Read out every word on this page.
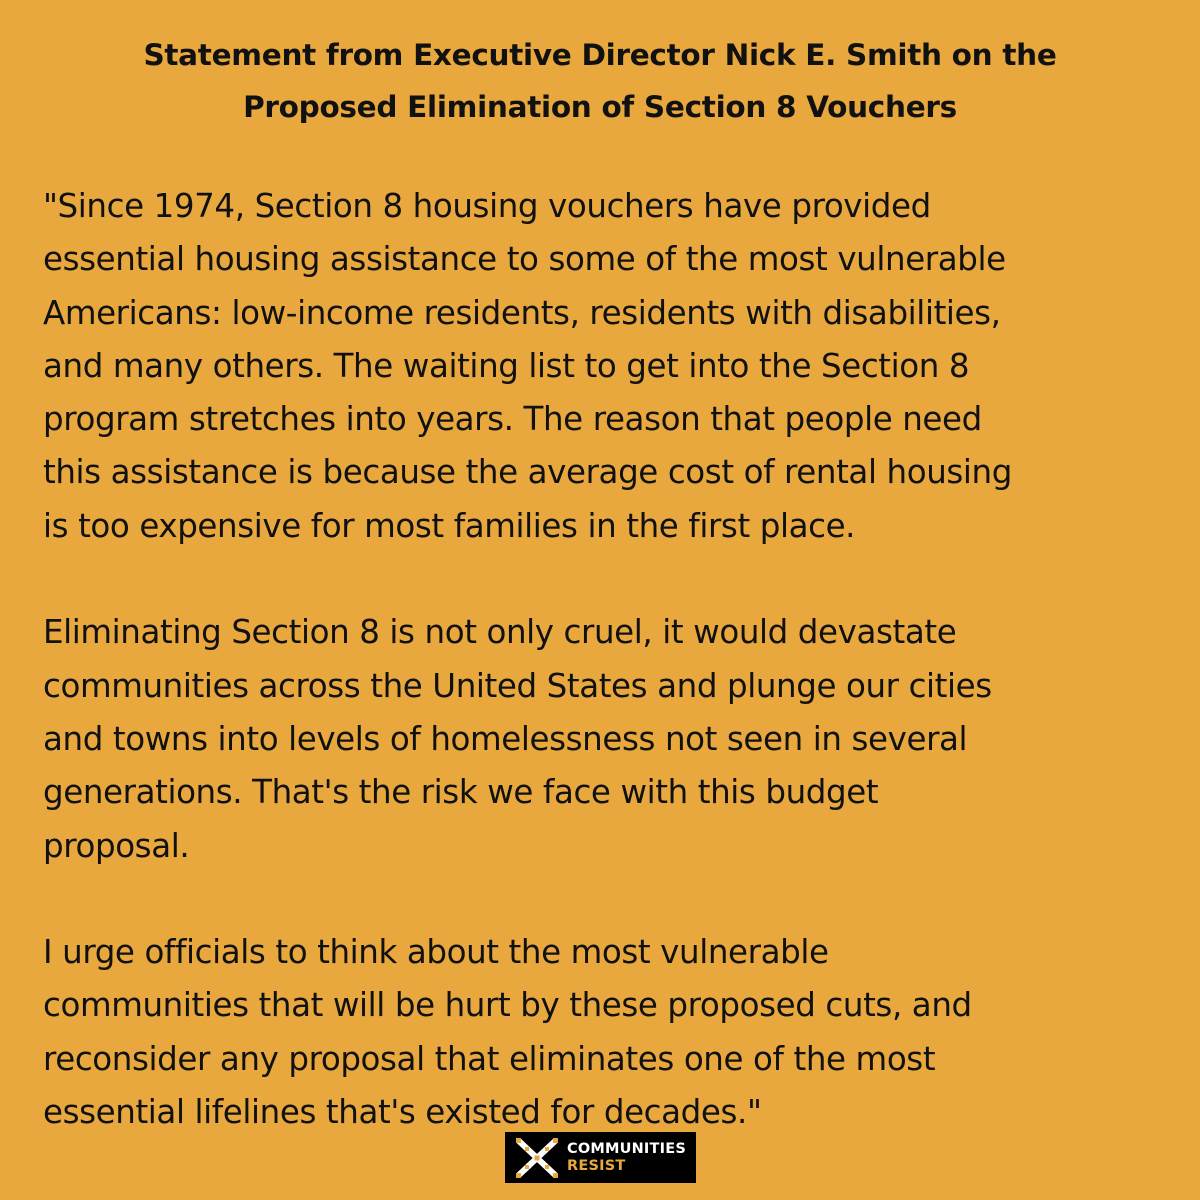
Statement from Executive Director Nick E. Smith on the
Proposed Elimination of Section 8 Vouchers

"Since 1974, Section 8 housing vouchers have provided
essential housing assistance to some of the most vulnerable
Americans: low-income residents, residents with disabilities,
and many others. The waiting list to get into the Section 8
program stretches into years. The reason that people need
this assistance is because the average cost of rental housing
is too expensive for most families in the first place.

Eliminating Section 8 is not only cruel, it would devastate
communities across the United States and plunge our cities
and towns into levels of homelessness not seen in several
generations. That's the risk we face with this budget
proposal.

I urge officials to think about the most vulnerable
communities that will be hurt by these proposed cuts, and
reconsider any proposal that eliminates one of the most
essential lifelines that's existed for decades."

COMMUNITIES
RESIST
